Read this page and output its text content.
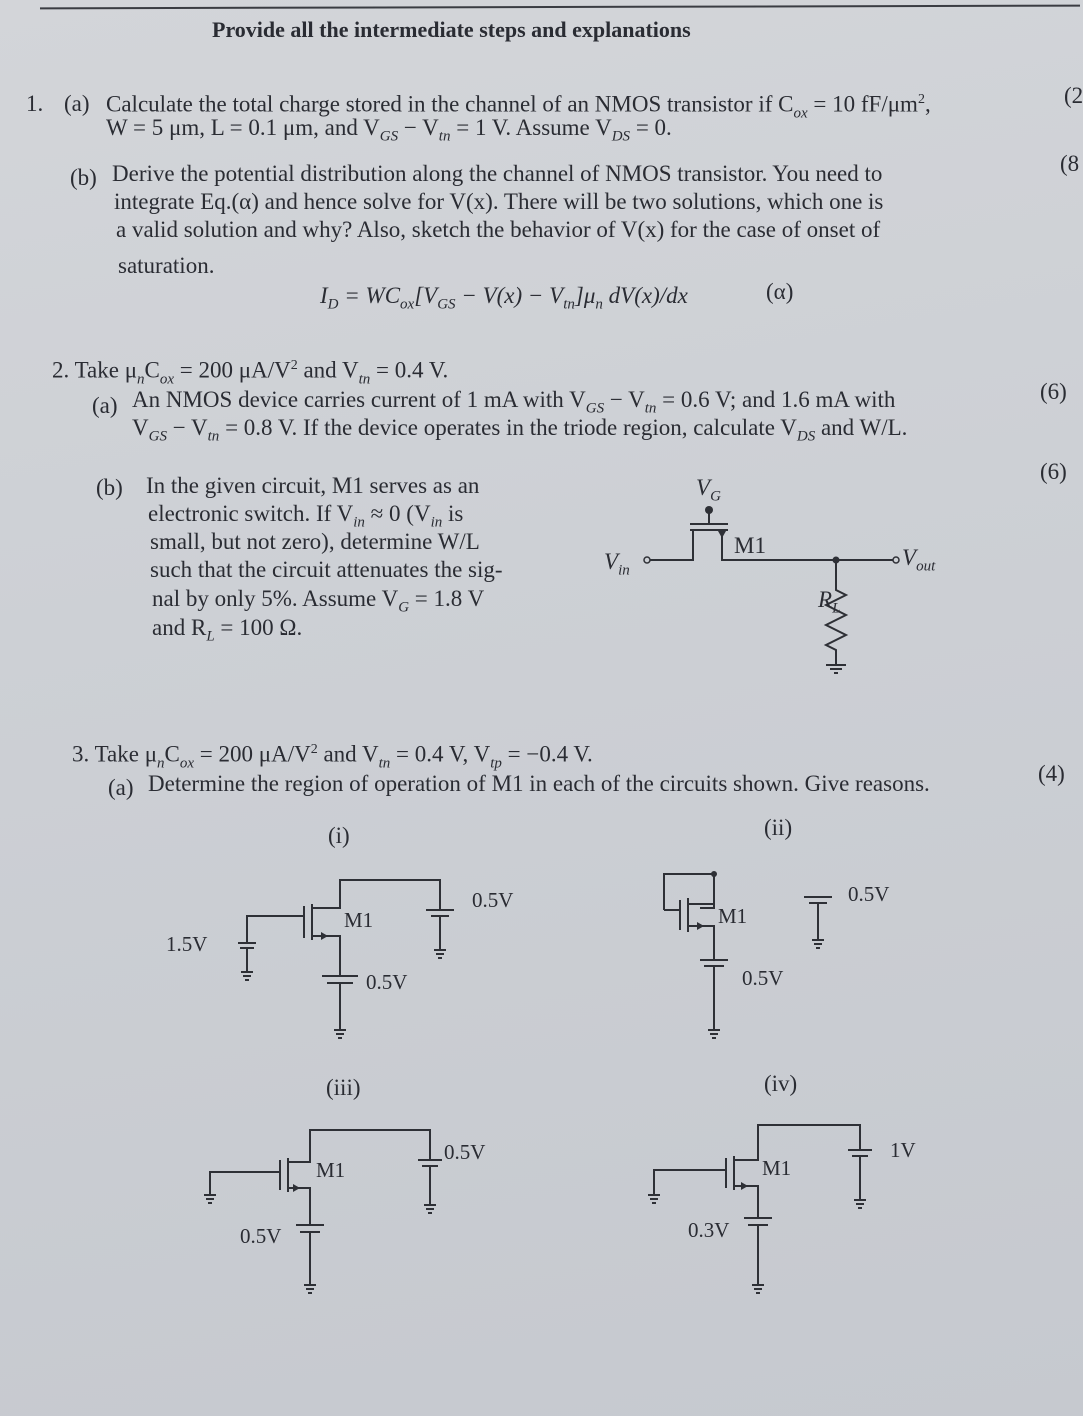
Provide all the intermediate steps and explanations
1. (a) Calculate the total charge stored in the channel of an NMOS transistor if $C_{ox} = 10$ $fF/\mu m^2$,
W = 5 μm, L = 0.1 μm, and $V_{GS} - V_{tn} = 1$ V. Assume $V_{DS} = 0$.
(2
(b) Derive the potential distribution along the channel of NMOS transistor. You need to
integrate Eq.(α) and hence solve for V(x). There will be two solutions, which one is
a valid solution and why? Also, sketch the behavior of V(x) for the case of onset of
saturation.
(8
$I_D = WC_{ox}[V_{GS} - V(x) - V_{tn}]\mu_n$ dV(x)/dx	(α)
2. Take $\mu_nC_{ox} = 200$ $\mu A/V^2$ and $V_{tn} = 0.4$ V.
(a) An NMOS device carries current of 1 mA with $V_{GS} - V_{tn} = 0.6$ V; and 1.6 mA with
$V_{GS} - V_{tn} = 0.8$ V. If the device operates in the triode region, calculate $V_{DS}$ and W/L.
(6)
(b) In the given circuit, M1 serves as an
electronic switch. If $V_{in} \approx 0$ ($V_{in}$ is
small, but not zero), determine W/L
such that the circuit attenuates the sig-
nal by only 5%. Assume $V_G = 1.8$ V
and $R_L = 100$ Ω.
(6)
$V_G$
M1
$V_{in}$
$V_{out}$
$R_L$
3. Take $\mu_nC_{ox} = 200$ $\mu A/V^2$ and $V_{tn} = 0.4$ V, $V_{tp} = -0.4$ V.
(a) Determine the region of operation of M1 in each of the circuits shown. Give reasons.	(4)
(i)
M1
1.5V
0.5V
0.5V
(ii)
M1
0.5V
0.5V
(iii)
M1
0.5V
0.5V
(iv)
M1
1V
0.3V
